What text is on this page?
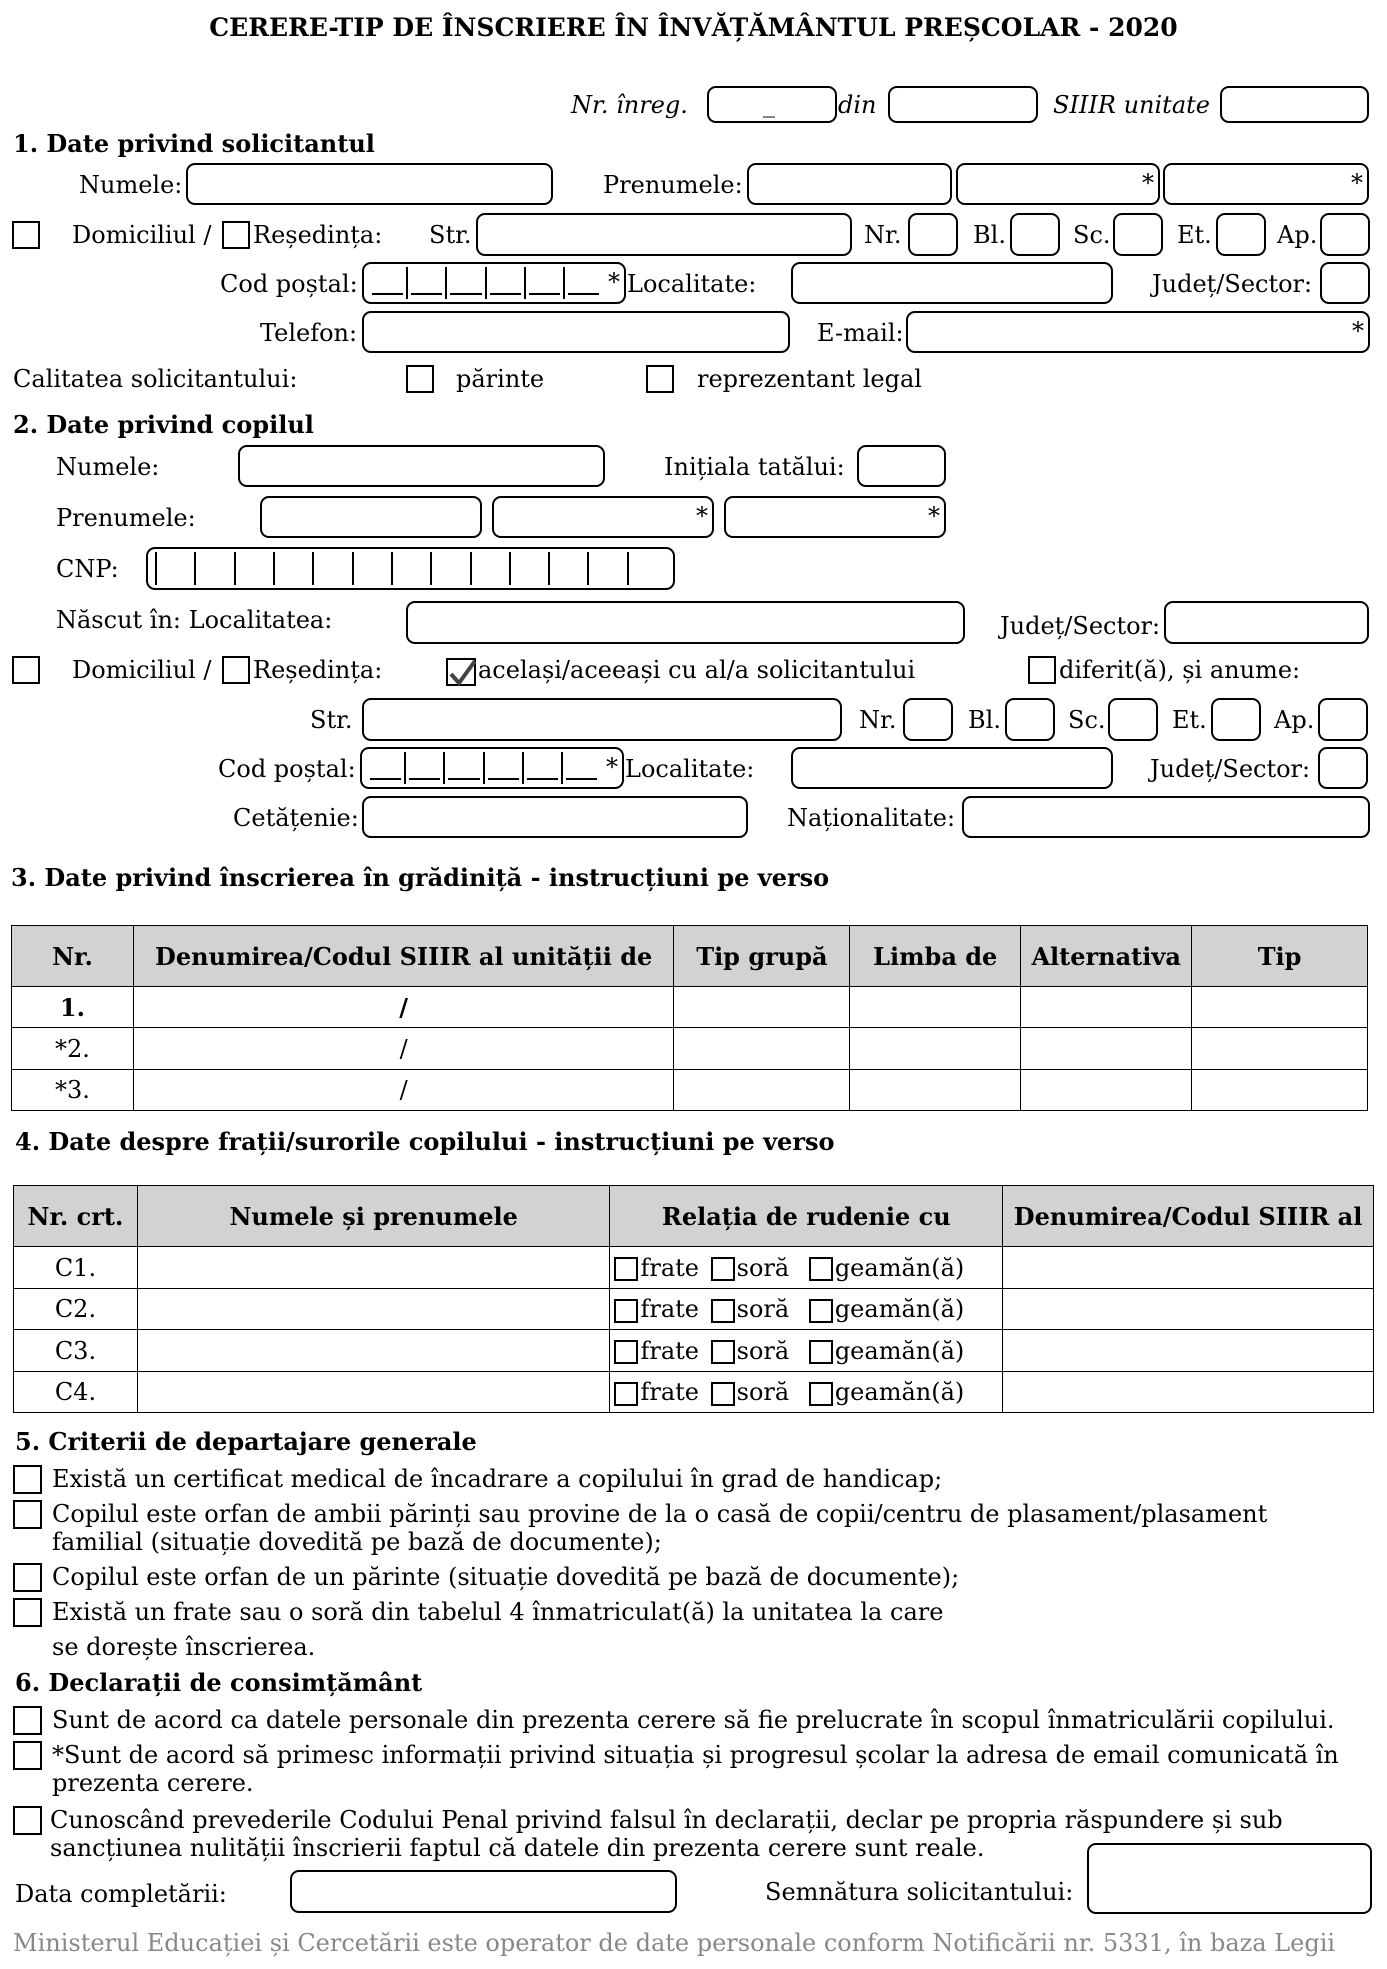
CERERE-TIP DE ÎNSCRIERE ÎN ÎNVĂȚĂMÂNTUL PREȘCOLAR - 2020
Nr. înreg.	_	din	SIIIR unitate
1. Date privind solicitantul
Numele:	Prenumele:	*	*
Domiciliul / Reședința: Str.	Nr.	Bl.	Sc.	Et.	Ap.
Cod poștal:	* Localitate:	Județ/Sector:
Telefon:	E-mail:	*
Calitatea solicitantului:	părinte	reprezentant legal
2. Date privind copilul
Numele:	Inițiala tatălui:
Prenumele:	*	*
CNP:
Născut în: Localitatea:	Județ/Sector:
Domiciliul / Reședința:	același/aceeași cu al/a solicitantului	diferit(ă), și anume:
Str.	Nr.	Bl.	Sc.	Et.	Ap.
Cod poștal:	* Localitate:	Județ/Sector:
Cetățenie:	Naționalitate:
3. Date privind înscrierea în grădiniță - instrucțiuni pe verso
Nr.	Denumirea/Codul SIIIR al unității de	Tip grupă	Limba de	Alternativa	Tip
1.	/				
*2.	/				
*3.	/				
4. Date despre frații/surorile copilului - instrucțiuni pe verso
Nr. crt.	Numele și prenumele	Relația de rudenie cu	Denumirea/Codul SIIIR al
C1.		frate soră geamăn(ă)	
C2.		frate soră geamăn(ă)	
C3.		frate soră geamăn(ă)	
C4.		frate soră geamăn(ă)	
5. Criterii de departajare generale
Există un certificat medical de încadrare a copilului în grad de handicap;
Copilul este orfan de ambii părinți sau provine de la o casă de copii/centru de plasament/plasament
familial (situație dovedită pe bază de documente);
Copilul este orfan de un părinte (situație dovedită pe bază de documente);
Există un frate sau o soră din tabelul 4 înmatriculat(ă) la unitatea la care
se dorește înscrierea.
6. Declarații de consimțământ
Sunt de acord ca datele personale din prezenta cerere să fie prelucrate în scopul înmatriculării copilului.
*Sunt de acord să primesc informații privind situația și progresul școlar la adresa de email comunicată în
prezenta cerere.
Cunoscând prevederile Codului Penal privind falsul în declarații, declar pe propria răspundere și sub
sancțiunea nulității înscrierii faptul că datele din prezenta cerere sunt reale.
Data completării:	Semnătura solicitantului:
Ministerul Educației și Cercetării este operator de date personale conform Notificării nr. 5331, în baza Legii
